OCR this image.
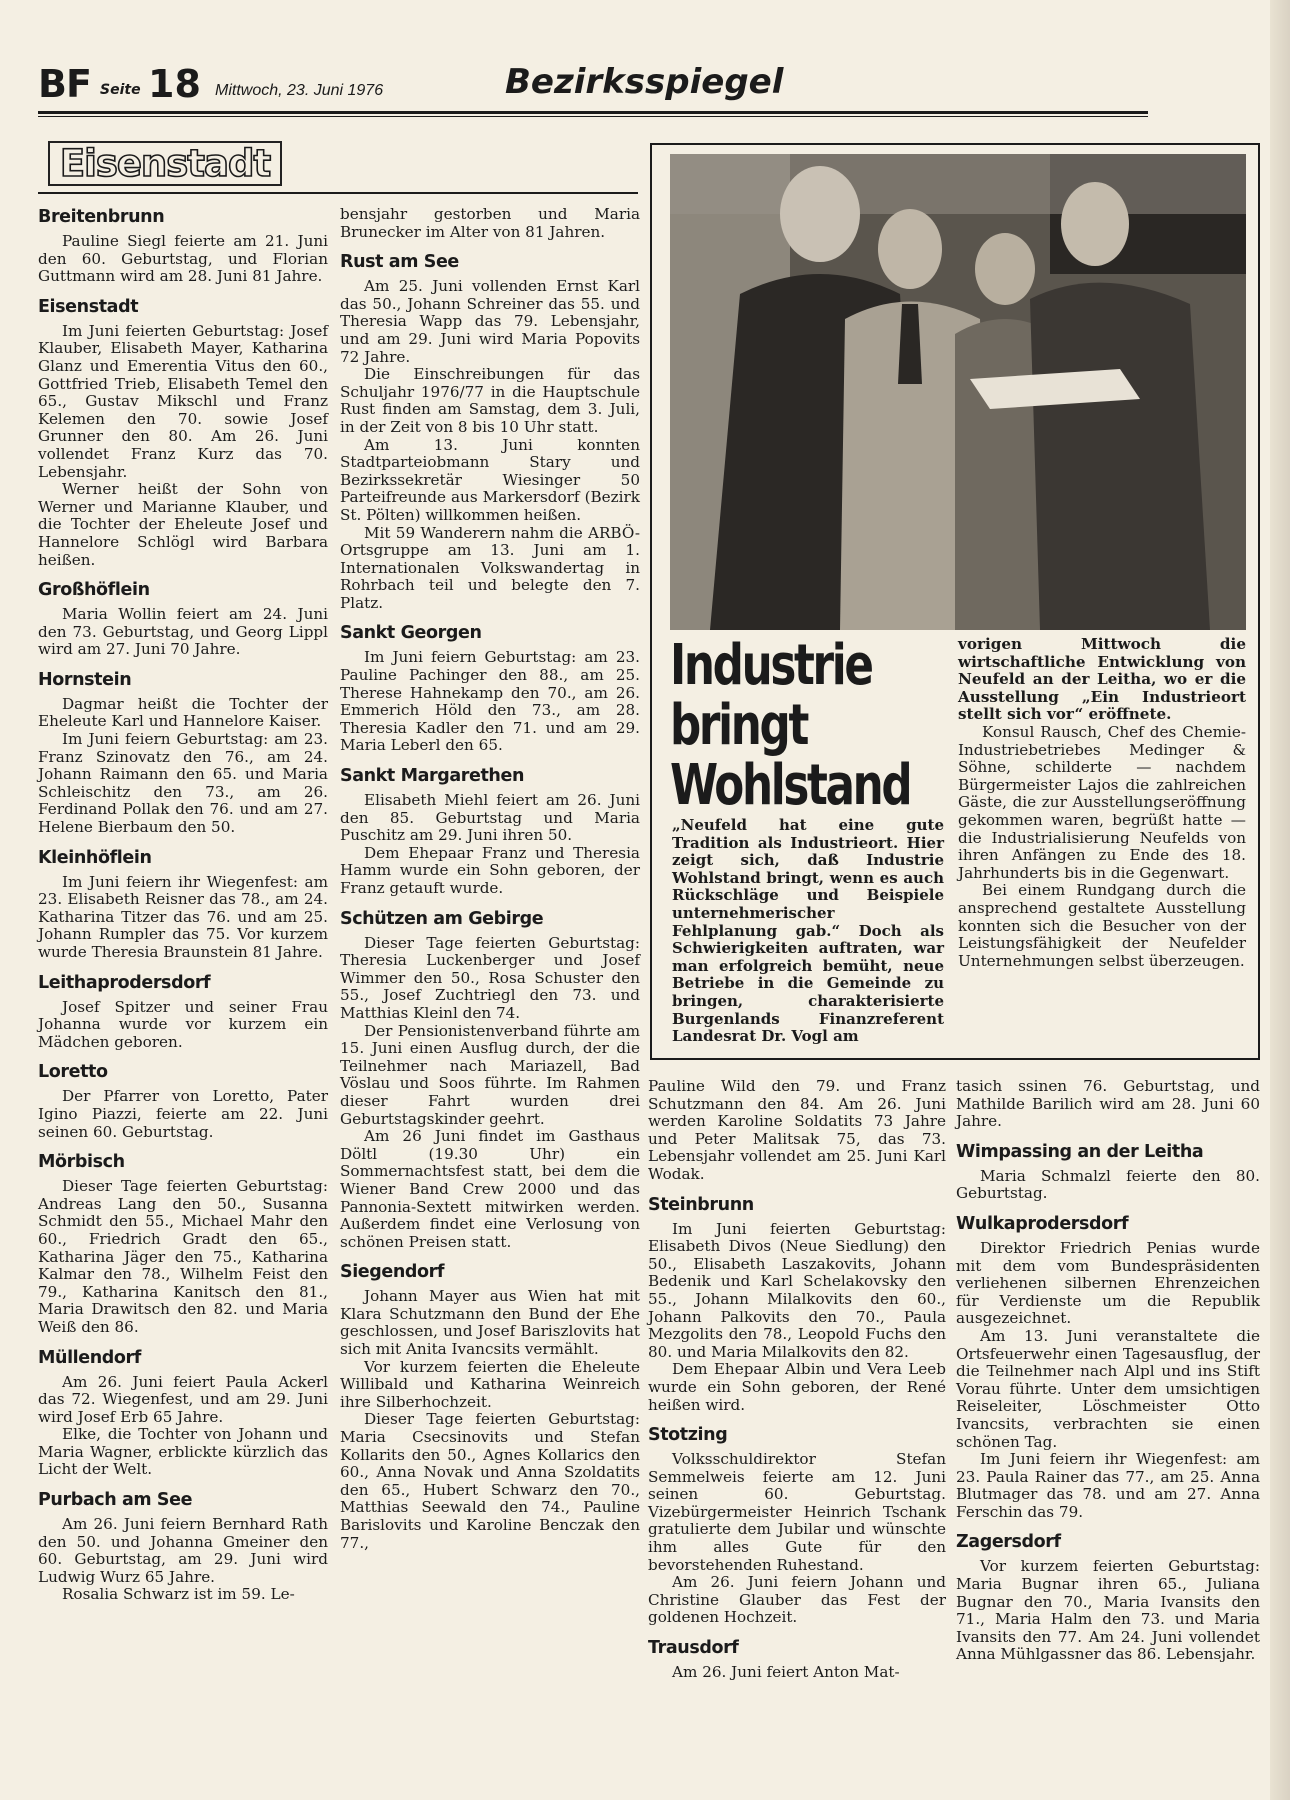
BF Seite 18 Mittwoch, 23. Juni 1976	Bezirksspiegel
Eisenstadt
Breitenbrunn

Pauline Siegl feierte am 21. Juni den 60. Geburtstag, und Florian Guttmann wird am 28. Juni 81 Jahre.

Eisenstadt

Im Juni feierten Geburtstag: Josef Klauber, Elisabeth Mayer, Katharina Glanz und Emerentia Vitus den 60., Gottfried Trieb, Elisabeth Temel den 65., Gustav Mikschl und Franz Kelemen den 70. sowie Josef Grunner den 80. Am 26. Juni vollendet Franz Kurz das 70. Lebensjahr.

Werner heißt der Sohn von Werner und Marianne Klauber, und die Tochter der Eheleute Josef und Hannelore Schlögl wird Barbara heißen.

Großhöflein

Maria Wollin feiert am 24. Juni den 73. Geburtstag, und Georg Lippl wird am 27. Juni 70 Jahre.

Hornstein

Dagmar heißt die Tochter der Eheleute Karl und Hannelore Kaiser.

Im Juni feiern Geburtstag: am 23. Franz Szinovatz den 76., am 24. Johann Raimann den 65. und Maria Schleischitz den 73., am 26. Ferdinand Pollak den 76. und am 27. Helene Bierbaum den 50.

Kleinhöflein

Im Juni feiern ihr Wiegenfest: am 23. Elisabeth Reisner das 78., am 24. Katharina Titzer das 76. und am 25. Johann Rumpler das 75. Vor kurzem wurde Theresia Braunstein 81 Jahre.

Leithaprodersdorf

Josef Spitzer und seiner Frau Johanna wurde vor kurzem ein Mädchen geboren.

Loretto

Der Pfarrer von Loretto, Pater Igino Piazzi, feierte am 22. Juni seinen 60. Geburtstag.

Mörbisch

Dieser Tage feierten Geburtstag: Andreas Lang den 50., Susanna Schmidt den 55., Michael Mahr den 60., Friedrich Gradt den 65., Katharina Jäger den 75., Katharina Kalmar den 78., Wilhelm Feist den 79., Katharina Kanitsch den 81., Maria Drawitsch den 82. und Maria Weiß den 86.

Müllendorf

Am 26. Juni feiert Paula Ackerl das 72. Wiegenfest, und am 29. Juni wird Josef Erb 65 Jahre.

Elke, die Tochter von Johann und Maria Wagner, erblickte kürzlich das Licht der Welt.

Purbach am See

Am 26. Juni feiern Bernhard Rath den 50. und Johanna Gmeiner den 60. Geburtstag, am 29. Juni wird Ludwig Wurz 65 Jahre.

Rosalia Schwarz ist im 59. Le-

bensjahr gestorben und Maria Brunecker im Alter von 81 Jahren.

Rust am See

Am 25. Juni vollenden Ernst Karl das 50., Johann Schreiner das 55. und Theresia Wapp das 79. Lebensjahr, und am 29. Juni wird Maria Popovits 72 Jahre.

Die Einschreibungen für das Schuljahr 1976/77 in die Hauptschule Rust finden am Samstag, dem 3. Juli, in der Zeit von 8 bis 10 Uhr statt.

Am 13. Juni konnten Stadtparteiobmann Stary und Bezirkssekretär Wiesinger 50 Parteifreunde aus Markersdorf (Bezirk St. Pölten) willkommen heißen.

Mit 59 Wanderern nahm die ARBÖ-Ortsgruppe am 13. Juni am 1. Internationalen Volkswandertag in Rohrbach teil und belegte den 7. Platz.

Sankt Georgen

Im Juni feiern Geburtstag: am 23. Pauline Pachinger den 88., am 25. Therese Hahnekamp den 70., am 26. Emmerich Höld den 73., am 28. Theresia Kadler den 71. und am 29. Maria Leberl den 65.

Sankt Margarethen

Elisabeth Miehl feiert am 26. Juni den 85. Geburtstag und Maria Puschitz am 29. Juni ihren 50.

Dem Ehepaar Franz und Theresia Hamm wurde ein Sohn geboren, der Franz getauft wurde.

Schützen am Gebirge

Dieser Tage feierten Geburtstag: Theresia Luckenberger und Josef Wimmer den 50., Rosa Schuster den 55., Josef Zuchtriegl den 73. und Matthias Kleinl den 74.

Der Pensionistenverband führte am 15. Juni einen Ausflug durch, der die Teilnehmer nach Mariazell, Bad Vöslau und Soos führte. Im Rahmen dieser Fahrt wurden drei Geburtstagskinder geehrt.

Am 26 Juni findet im Gasthaus Döltl (19.30 Uhr) ein Sommernachtsfest statt, bei dem die Wiener Band Crew 2000 und das Pannonia-Sextett mitwirken werden. Außerdem findet eine Verlosung von schönen Preisen statt.

Siegendorf

Johann Mayer aus Wien hat mit Klara Schutzmann den Bund der Ehe geschlossen, und Josef Bariszlovits hat sich mit Anita Ivancsits vermählt.

Vor kurzem feierten die Eheleute Willibald und Katharina Weinreich ihre Silberhochzeit.

Dieser Tage feierten Geburtstag: Maria Csecsinovits und Stefan Kollarits den 50., Agnes Kollarics den 60., Anna Novak und Anna Szoldatits den 65., Hubert Schwarz den 70., Matthias Seewald den 74., Pauline Barislovits und Karoline Benczak den 77.,

Industrie
bringt
Wohlstand
„Neufeld hat eine gute Tradition als Industrieort. Hier zeigt sich, daß Industrie Wohlstand bringt, wenn es auch Rückschläge und Beispiele unternehmerischer Fehlplanung gab.“ Doch als Schwierigkeiten auftraten, war man erfolgreich bemüht, neue Betriebe in die Gemeinde zu bringen, charakterisierte Burgenlands Finanzreferent Landesrat Dr. Vogl am

vorigen Mittwoch die wirtschaftliche Entwicklung von Neufeld an der Leitha, wo er die Ausstellung „Ein Industrieort stellt sich vor“ eröffnete.

Konsul Rausch, Chef des Chemie-Industriebetriebes Medinger & Söhne, schilderte — nachdem Bürgermeister Lajos die zahlreichen Gäste, die zur Ausstellungseröffnung gekommen waren, begrüßt hatte — die Industrialisierung Neufelds von ihren Anfängen zu Ende des 18. Jahrhunderts bis in die Gegenwart.

Bei einem Rundgang durch die ansprechend gestaltete Ausstellung konnten sich die Besucher von der Leistungsfähigkeit der Neufelder Unternehmungen selbst überzeugen.

Pauline Wild den 79. und Franz Schutzmann den 84. Am 26. Juni werden Karoline Soldatits 73 Jahre und Peter Malitsak 75, das 73. Lebensjahr vollendet am 25. Juni Karl Wodak.

Steinbrunn

Im Juni feierten Geburtstag: Elisabeth Divos (Neue Siedlung) den 50., Elisabeth Laszakovits, Johann Bedenik und Karl Schelakovsky den 55., Johann Milalkovits den 60., Johann Palkovits den 70., Paula Mezgolits den 78., Leopold Fuchs den 80. und Maria Milalkovits den 82.

Dem Ehepaar Albin und Vera Leeb wurde ein Sohn geboren, der René heißen wird.

Stotzing

Volksschuldirektor Stefan Semmelweis feierte am 12. Juni seinen 60. Geburtstag. Vizebürgermeister Heinrich Tschank gratulierte dem Jubilar und wünschte ihm alles Gute für den bevorstehenden Ruhestand.

Am 26. Juni feiern Johann und Christine Glauber das Fest der goldenen Hochzeit.

Trausdorf

Am 26. Juni feiert Anton Mat-

tasich ssinen 76. Geburtstag, und Mathilde Barilich wird am 28. Juni 60 Jahre.

Wimpassing an der Leitha

Maria Schmalzl feierte den 80. Geburtstag.

Wulkaprodersdorf

Direktor Friedrich Penias wurde mit dem vom Bundespräsidenten verliehenen silbernen Ehrenzeichen für Verdienste um die Republik ausgezeichnet.

Am 13. Juni veranstaltete die Ortsfeuerwehr einen Tagesausflug, der die Teilnehmer nach Alpl und ins Stift Vorau führte. Unter dem umsichtigen Reiseleiter, Löschmeister Otto Ivancsits, verbrachten sie einen schönen Tag.

Im Juni feiern ihr Wiegenfest: am 23. Paula Rainer das 77., am 25. Anna Blutmager das 78. und am 27. Anna Ferschin das 79.

Zagersdorf

Vor kurzem feierten Geburtstag: Maria Bugnar ihren 65., Juliana Bugnar den 70., Maria Ivansits den 71., Maria Halm den 73. und Maria Ivansits den 77. Am 24. Juni vollendet Anna Mühlgassner das 86. Lebensjahr.
